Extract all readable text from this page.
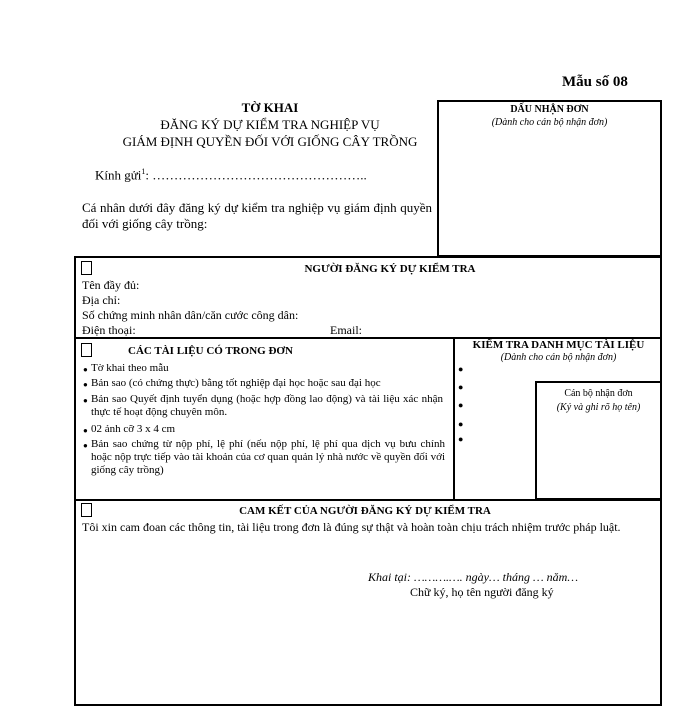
Mẫu số 08
TỜ KHAI
ĐĂNG KÝ DỰ KIỂM TRA NGHIỆP VỤ
GIÁM ĐỊNH QUYỀN ĐỐI VỚI GIỐNG CÂY TRỒNG
Kính gửi$^1$: …………………………………………..
Cá nhân dưới đây đăng ký dự kiểm tra nghiệp vụ giám định quyền đối với giống cây trồng:
DẤU NHẬN ĐƠN
(Dành cho cán bộ nhận đơn)
NGƯỜI ĐĂNG KÝ DỰ KIỂM TRA
Tên đầy đủ:
Địa chỉ:
Số chứng minh nhân dân/căn cước công dân:
Điện thoại:	Email:
CÁC TÀI LIỆU CÓ TRONG ĐƠN
● Tờ khai theo mẫu
● Bản sao (có chứng thực) bằng tốt nghiệp đại học hoặc sau đại học
● Bản sao Quyết định tuyển dụng (hoặc hợp đồng lao động) và tài liệu xác nhận thực tế hoạt động chuyên môn.
● 02 ảnh cỡ 3 x 4 cm
● Bản sao chứng từ nộp phí, lệ phí (nếu nộp phí, lệ phí qua dịch vụ bưu chính hoặc nộp trực tiếp vào tài khoản của cơ quan quản lý nhà nước về quyền đối với giống cây trồng)
KIỂM TRA DANH MỤC TÀI LIỆU
(Dành cho cán bộ nhận đơn)
●
●
●
●
●
Cán bộ nhận đơn
(Ký và ghi rõ họ tên)
CAM KẾT CỦA NGƯỜI ĐĂNG KÝ DỰ KIỂM TRA
Tôi xin cam đoan các thông tin, tài liệu trong đơn là đúng sự thật và hoàn toàn chịu trách nhiệm trước pháp luật.
Khai tại: ……….…. ngày… tháng … năm…
Chữ ký, họ tên người đăng ký
